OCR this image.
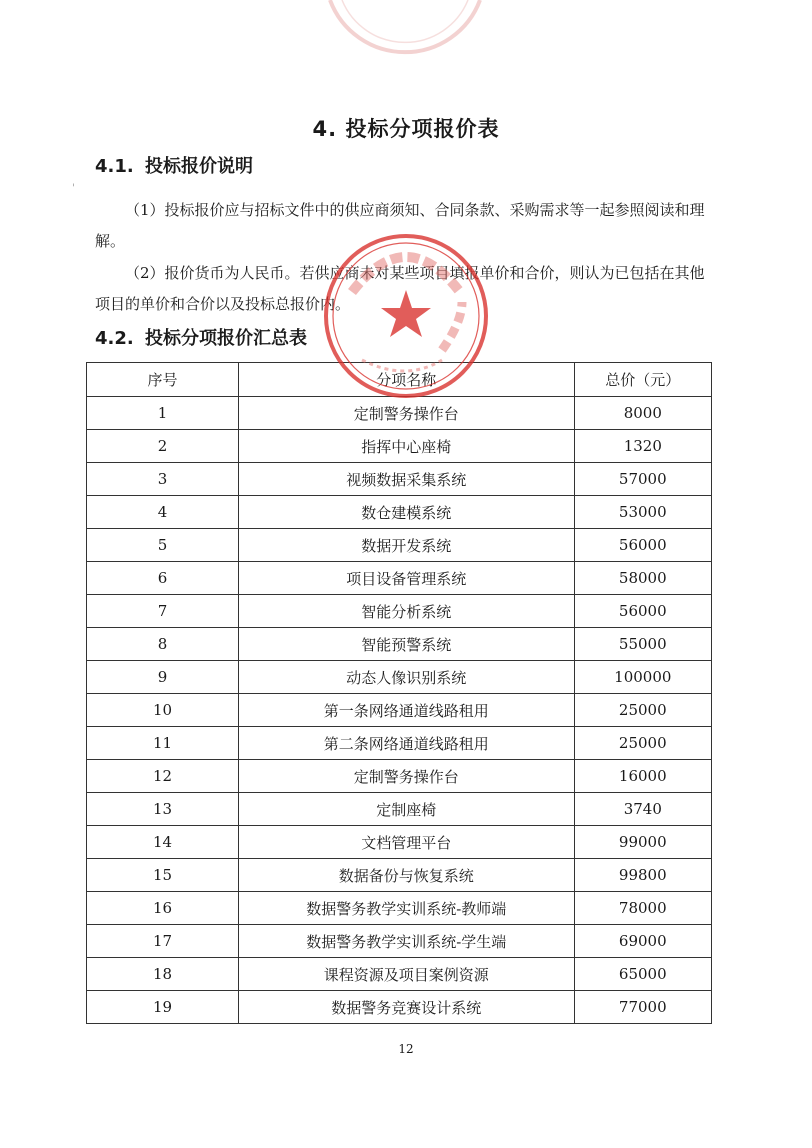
4. 投标分项报价表
4.1. 投标报价说明
'
（1）投标报价应与招标文件中的供应商须知、合同条款、采购需求等一起参照阅读和理解。
（2）报价货币为人民币。若供应商未对某些项目填报单价和合价，则认为已包括在其他项目的单价和合价以及投标总报价内。
4.2. 投标分项报价汇总表
序号	分项名称	总价（元）
1	定制警务操作台	8000
2	指挥中心座椅	1320
3	视频数据采集系统	57000
4	数仓建模系统	53000
5	数据开发系统	56000
6	项目设备管理系统	58000
7	智能分析系统	56000
8	智能预警系统	55000
9	动态人像识别系统	100000
10	第一条网络通道线路租用	25000
11	第二条网络通道线路租用	25000
12	定制警务操作台	16000
13	定制座椅	3740
14	文档管理平台	99000
15	数据备份与恢复系统	99800
16	数据警务教学实训系统-教师端	78000
17	数据警务教学实训系统-学生端	69000
18	课程资源及项目案例资源	65000
19	数据警务竞赛设计系统	77000
12
